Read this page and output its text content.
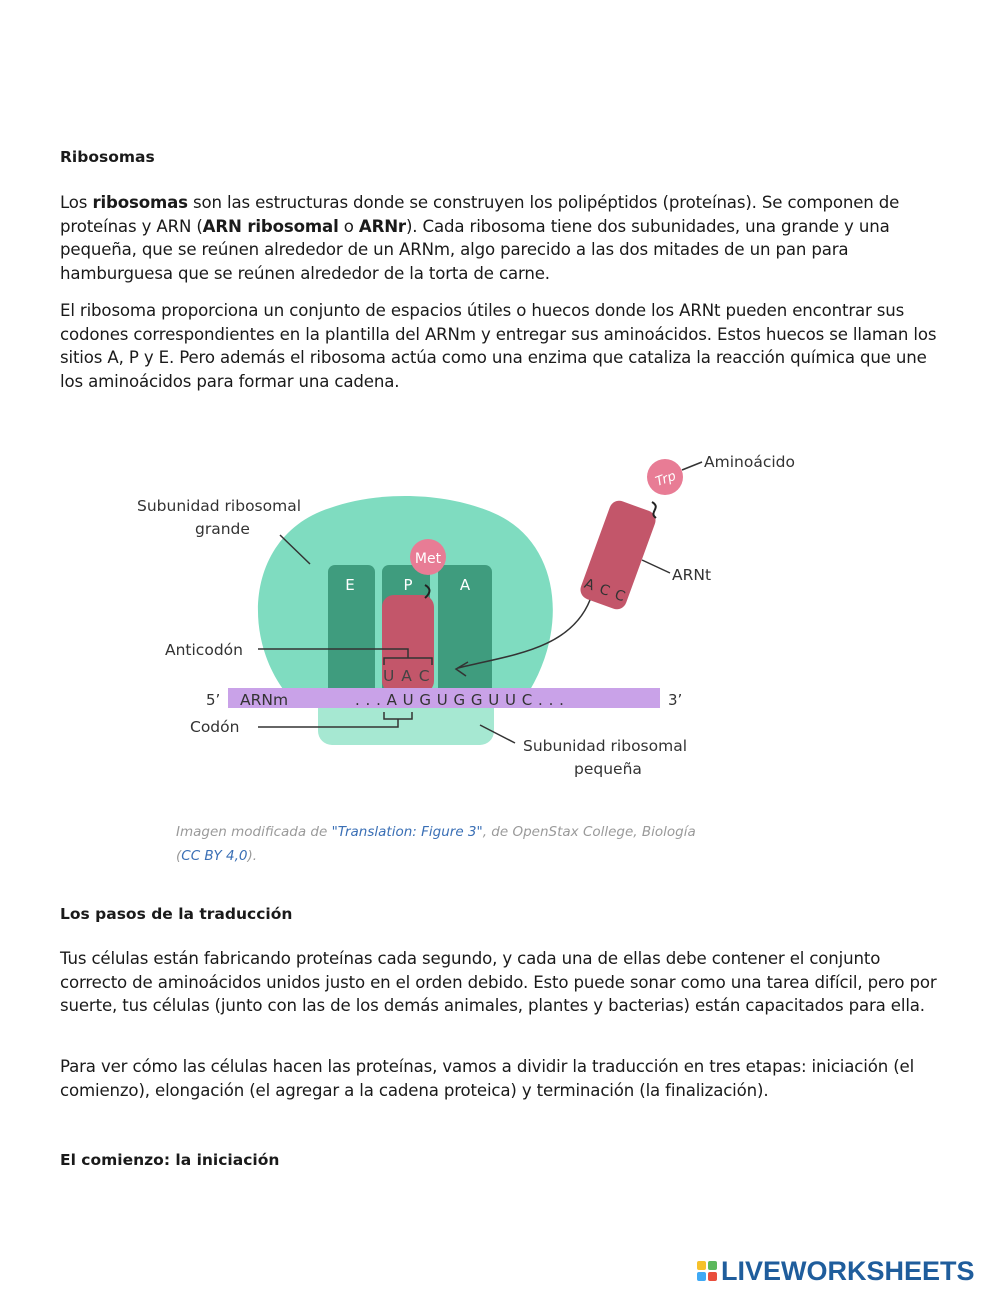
Ribosomas

Los ribosomas son las estructuras donde se construyen los polipéptidos (proteínas). Se componen de proteínas y ARN (ARN ribosomal o ARNr). Cada ribosoma tiene dos subunidades, una grande y una pequeña, que se reúnen alrededor de un ARNm, algo parecido a las dos mitades de un pan para hamburguesa que se reúnen alrededor de la torta de carne.

El ribosoma proporciona un conjunto de espacios útiles o huecos donde los ARNt pueden encontrar sus codones correspondientes en la plantilla del ARNm y entregar sus aminoácidos. Estos huecos se llaman los sitios A, P y E. Pero además el ribosoma actúa como una enzima que cataliza la reacción química que une los aminoácidos para formar una cadena.

E	P	A
Met
5’ ARNm	. . . A U G U G G U U C . . .	3’
U A C
Anticodón
Codón
Subunidad ribosomal
grande
Subunidad ribosomal
pequeña
A C C
Trp
Aminoácido
ARNt

Imagen modificada de "Translation: Figure 3", de OpenStax College, Biología
(CC BY 4,0).

Los pasos de la traducción

Tus células están fabricando proteínas cada segundo, y cada una de ellas debe contener el conjunto correcto de aminoácidos unidos justo en el orden debido. Esto puede sonar como una tarea difícil, pero por suerte, tus células (junto con las de los demás animales, plantes y bacterias) están capacitados para ella.

Para ver cómo las células hacen las proteínas, vamos a dividir la traducción en tres etapas: iniciación (el comienzo), elongación (el agregar a la cadena proteica) y terminación (la finalización).

El comienzo: la iniciación
LIVEWORKSHEETS
